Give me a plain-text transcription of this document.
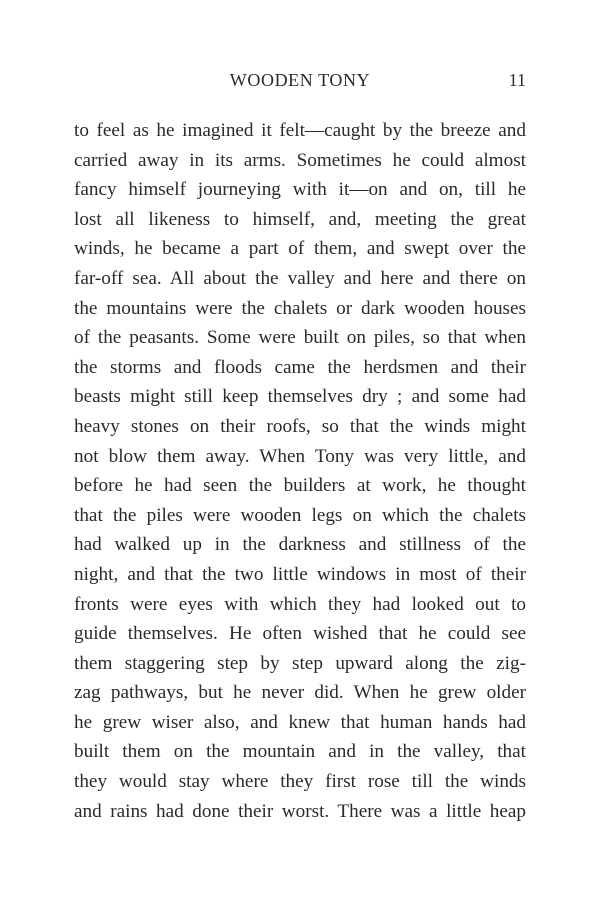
WOODEN TONY	11
to feel as he imagined it felt—caught by the breeze and
carried away in its arms. Sometimes he could almost
fancy himself journeying with it—on and on, till he
lost all likeness to himself, and, meeting the great
winds, he became a part of them, and swept over the
far-off sea. All about the valley and here and there on
the mountains were the chalets or dark wooden houses
of the peasants. Some were built on piles, so that when
the storms and floods came the herdsmen and their
beasts might still keep themselves dry ; and some had
heavy stones on their roofs, so that the winds might
not blow them away. When Tony was very little, and
before he had seen the builders at work, he thought
that the piles were wooden legs on which the chalets
had walked up in the darkness and stillness of the
night, and that the two little windows in most of their
fronts were eyes with which they had looked out to
guide themselves. He often wished that he could see
them staggering step by step upward along the zig-
zag pathways, but he never did. When he grew older
he grew wiser also, and knew that human hands had
built them on the mountain and in the valley, that
they would stay where they first rose till the winds
and rains had done their worst. There was a little heap
